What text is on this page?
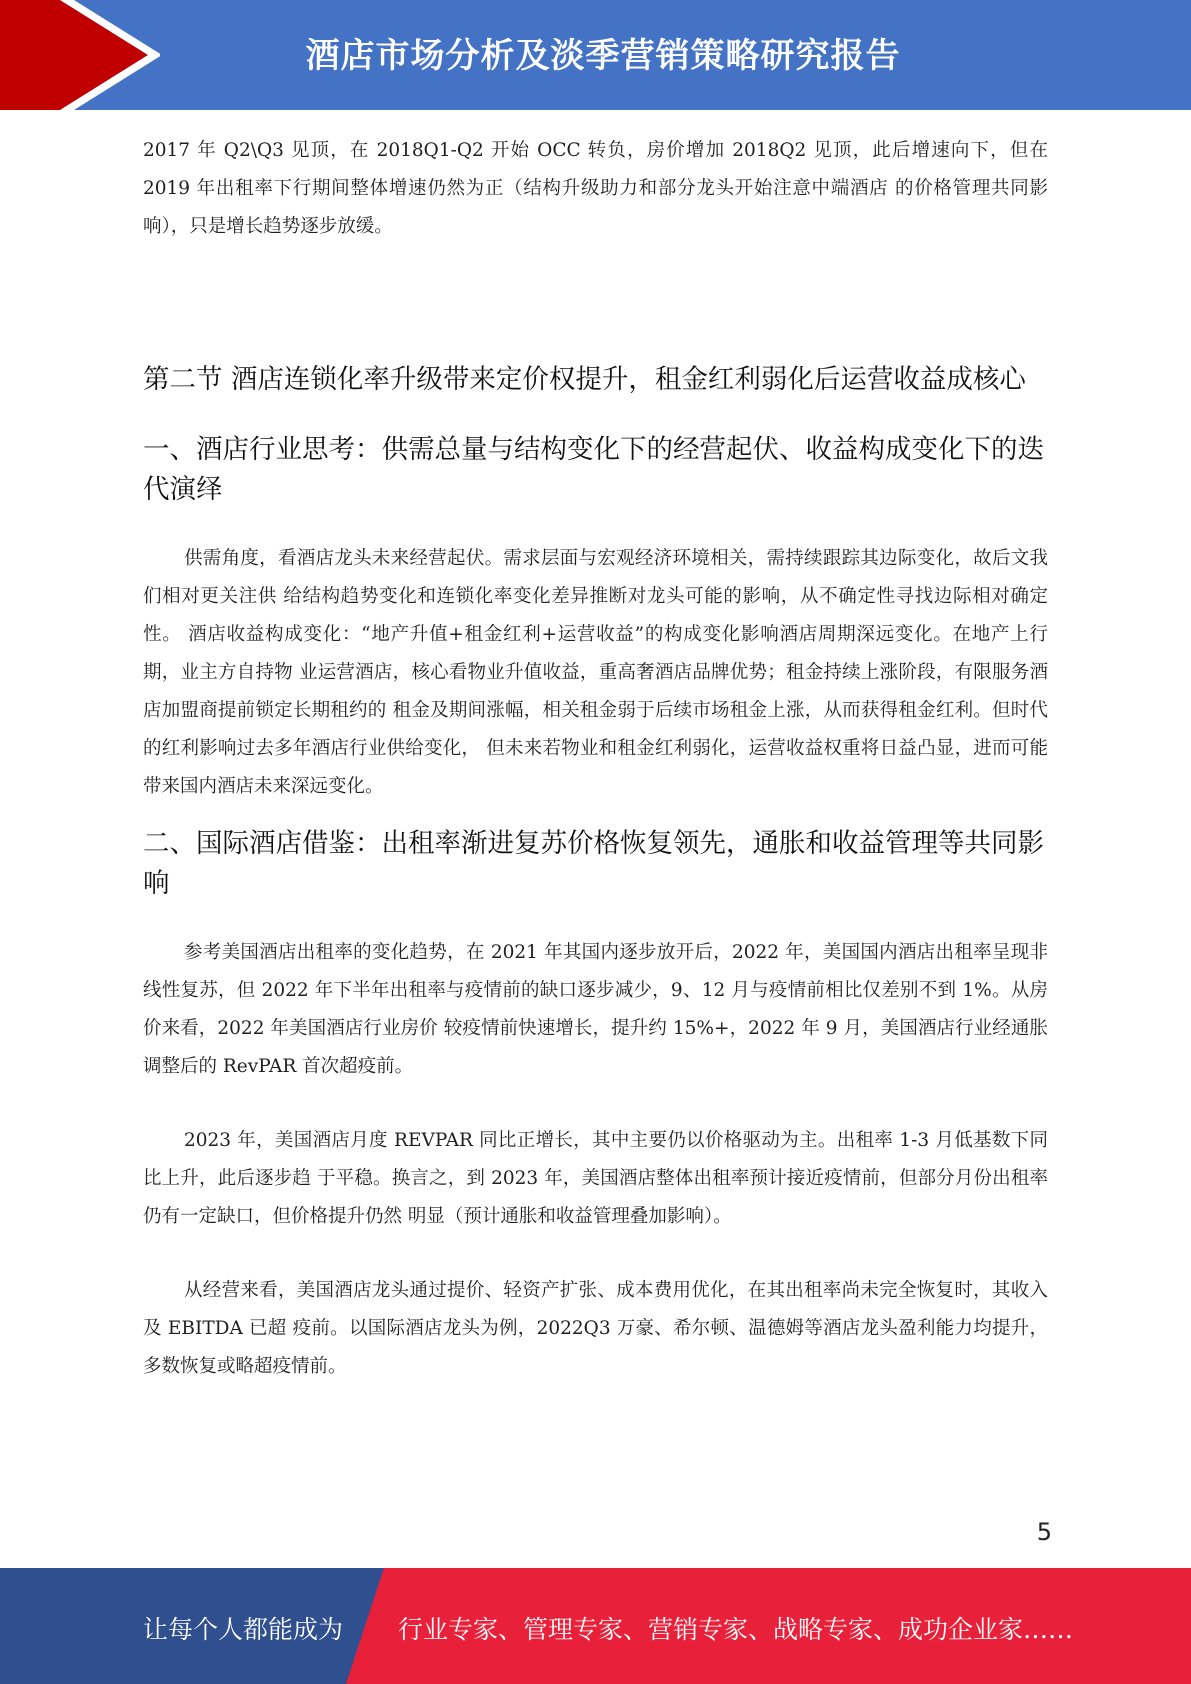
酒店市场分析及淡季营销策略研究报告

2017 年 Q2\Q3 见顶，在 2018Q1-Q2 开始 OCC 转负，房价增加 2018Q2 见顶，此后增速向下，但在 2019 年出租率下行期间整体增速仍然为正（结构升级助力和部分龙头开始注意中端酒店 的价格管理共同影响），只是增长趋势逐步放缓。

第二节 酒店连锁化率升级带来定价权提升，租金红利弱化后运营收益成核心
一、酒店行业思考：供需总量与结构变化下的经营起伏、收益构成变化下的迭代演绎

供需角度，看酒店龙头未来经营起伏。需求层面与宏观经济环境相关，需持续跟踪其边际变化，故后文我们相对更关注供 给结构趋势变化和连锁化率变化差异推断对龙头可能的影响，从不确定性寻找边际相对确定性。 酒店收益构成变化：“地产升值+租金红利+运营收益”的构成变化影响酒店周期深远变化。在地产上行期，业主方自持物 业运营酒店，核心看物业升值收益，重高奢酒店品牌优势；租金持续上涨阶段，有限服务酒店加盟商提前锁定长期租约的 租金及期间涨幅，相关租金弱于后续市场租金上涨，从而获得租金红利。但时代的红利影响过去多年酒店行业供给变化， 但未来若物业和租金红利弱化，运营收益权重将日益凸显，进而可能带来国内酒店未来深远变化。

二、国际酒店借鉴：出租率渐进复苏价格恢复领先，通胀和收益管理等共同影响

参考美国酒店出租率的变化趋势，在 2021 年其国内逐步放开后，2022 年，美国国内酒店出租率呈现非线性复苏，但 2022 年下半年出租率与疫情前的缺口逐步减少，9、12 月与疫情前相比仅差别不到 1%。从房价来看，2022 年美国酒店行业房价 较疫情前快速增长，提升约 15%+，2022 年 9 月，美国酒店行业经通胀调整后的 RevPAR 首次超疫前。

2023 年，美国酒店月度 REVPAR 同比正增长，其中主要仍以价格驱动为主。出租率 1-3 月低基数下同比上升，此后逐步趋 于平稳。换言之，到 2023 年，美国酒店整体出租率预计接近疫情前，但部分月份出租率仍有一定缺口，但价格提升仍然 明显（预计通胀和收益管理叠加影响）。

从经营来看，美国酒店龙头通过提价、轻资产扩张、成本费用优化，在其出租率尚未完全恢复时，其收入及 EBITDA 已超 疫前。以国际酒店龙头为例，2022Q3 万豪、希尔顿、温德姆等酒店龙头盈利能力均提升，多数恢复或略超疫情前。

5
让每个人都能成为 行业专家、管理专家、营销专家、战略专家、成功企业家……
